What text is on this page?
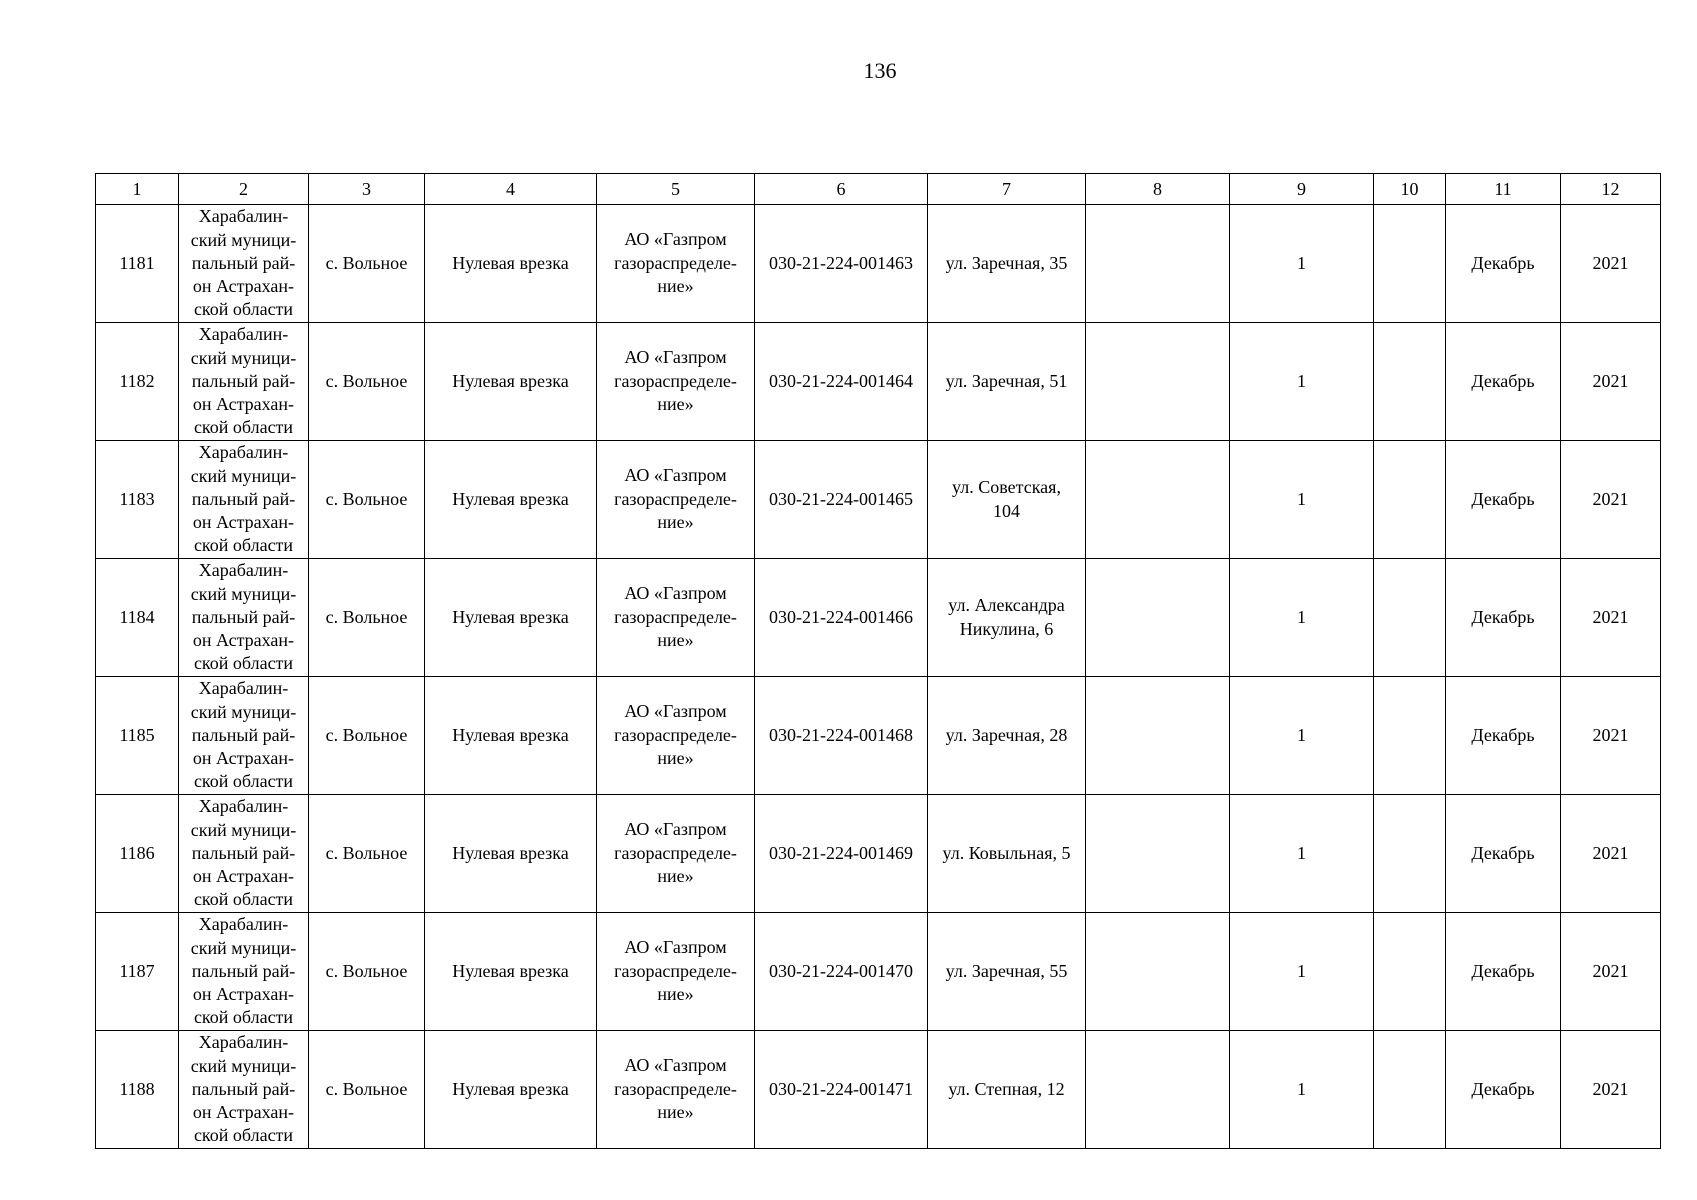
136
1	2	3	4	5	6	7	8	9	10	11	12
1181	Харабалин-
ский муници-
пальный рай-
он Астрахан-
ской области	с. Вольное	Нулевая врезка	АО «Газпром
газораспределе-
ние»	030-21-224-001463	ул. Заречная, 35		1		Декабрь	2021
1182	Харабалин-
ский муници-
пальный рай-
он Астрахан-
ской области	с. Вольное	Нулевая врезка	АО «Газпром
газораспределе-
ние»	030-21-224-001464	ул. Заречная, 51		1		Декабрь	2021
1183	Харабалин-
ский муници-
пальный рай-
он Астрахан-
ской области	с. Вольное	Нулевая врезка	АО «Газпром
газораспределе-
ние»	030-21-224-001465	ул. Советская,
104		1		Декабрь	2021
1184	Харабалин-
ский муници-
пальный рай-
он Астрахан-
ской области	с. Вольное	Нулевая врезка	АО «Газпром
газораспределе-
ние»	030-21-224-001466	ул. Александра
Никулина, 6		1		Декабрь	2021
1185	Харабалин-
ский муници-
пальный рай-
он Астрахан-
ской области	с. Вольное	Нулевая врезка	АО «Газпром
газораспределе-
ние»	030-21-224-001468	ул. Заречная, 28		1		Декабрь	2021
1186	Харабалин-
ский муници-
пальный рай-
он Астрахан-
ской области	с. Вольное	Нулевая врезка	АО «Газпром
газораспределе-
ние»	030-21-224-001469	ул. Ковыльная, 5		1		Декабрь	2021
1187	Харабалин-
ский муници-
пальный рай-
он Астрахан-
ской области	с. Вольное	Нулевая врезка	АО «Газпром
газораспределе-
ние»	030-21-224-001470	ул. Заречная, 55		1		Декабрь	2021
1188	Харабалин-
ский муници-
пальный рай-
он Астрахан-
ской области	с. Вольное	Нулевая врезка	АО «Газпром
газораспределе-
ние»	030-21-224-001471	ул. Степная, 12		1		Декабрь	2021
